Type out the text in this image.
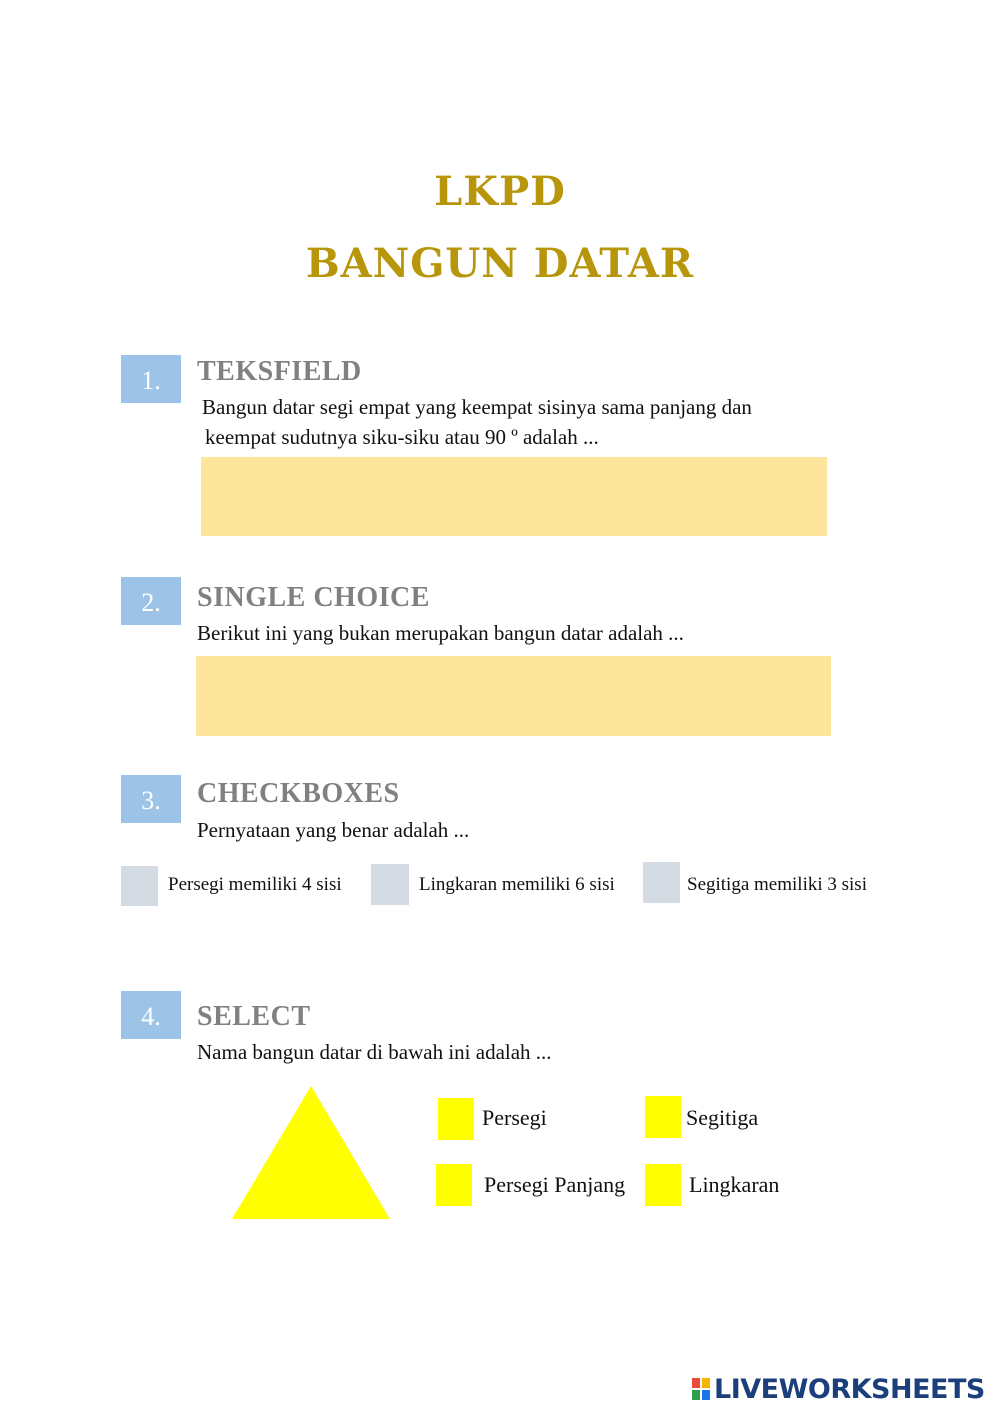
LKPD
BANGUN DATAR
1.	TEKSFIELD
Bangun datar segi empat yang keempat sisinya sama panjang dan
keempat sudutnya siku-siku atau 90 º adalah ...
2.	SINGLE CHOICE
Berikut ini yang bukan merupakan bangun datar adalah ...
3.	CHECKBOXES
Pernyataan yang benar adalah ...
Persegi memiliki 4 sisi	Lingkaran memiliki 6 sisi	Segitiga memiliki 3 sisi
4.	SELECT
Nama bangun datar di bawah ini adalah ...
Persegi	Segitiga
Persegi Panjang	Lingkaran
LIVEWORKSHEETS
